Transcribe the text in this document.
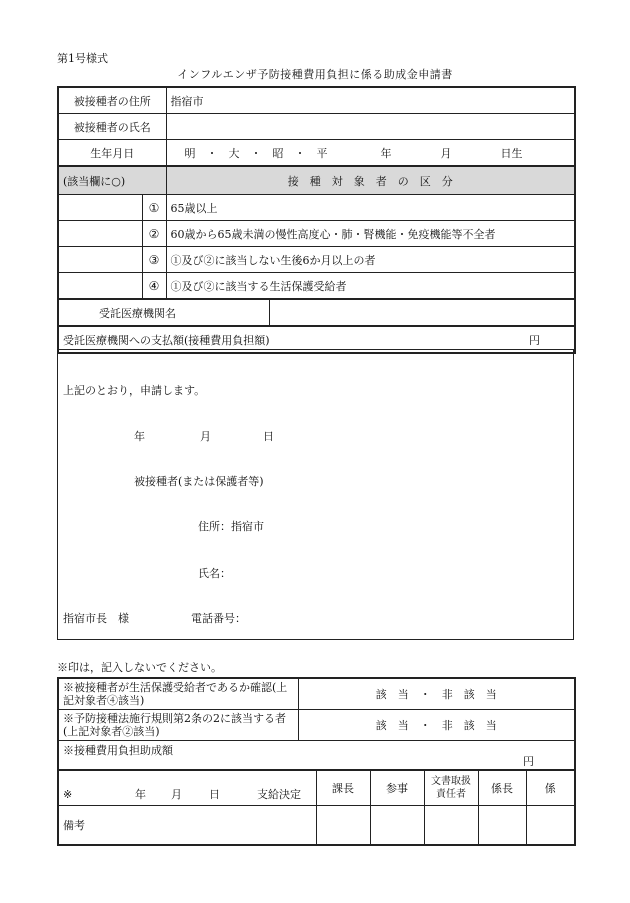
第1号様式
インフルエンザ予防接種費用負担に係る助成金申請書
被接種者の住所	指宿市
被接種者の氏名	
生年月日	明　・　大　・　昭　・　平	年	月	日生
(該当欄に○)	接　種　対　象　者　の　区　分
	①	65歳以上
	②	60歳から65歳未満の慢性高度心・肺・腎機能・免疫機能等不全者
	③	①及び②に該当しない生後6か月以上の者
	④	①及び②に該当する生活保護受給者

受託医療機関名	

受託医療機関への支払額(接種費用負担額)	円
上記のとおり，申請します。
年	月	日
被接種者(または保護者等)
住所：指宿市
氏名：
指宿市長　様	電話番号：
※印は，記入しないでください。
※被接種者が生活保護受給者であるか確認(上記対象者④該当)	該　当　・　非　該　当					
※予防接種法施行規則第2条の2に該当する者(上記対象者②該当)	該　当　・　非　該　当					

※接種費用負担助成額
円						

※ 年 月 日 支給決定		課長	参事	文書取扱責任者	係長	係
備考						
